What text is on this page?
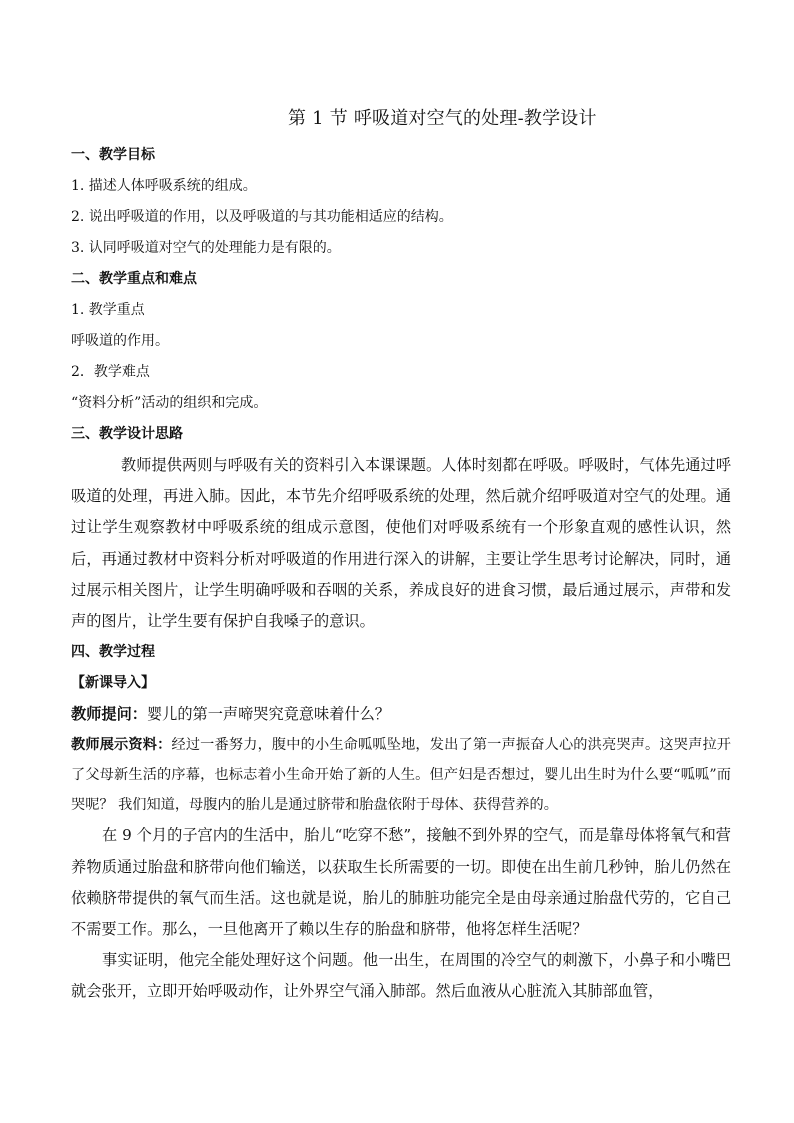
第 1 节 呼吸道对空气的处理-教学设计
一、教学目标
1. 描述人体呼吸系统的组成。
2. 说出呼吸道的作用，以及呼吸道的与其功能相适应的结构。
3. 认同呼吸道对空气的处理能力是有限的。
二、教学重点和难点
1. 教学重点
呼吸道的作用。
2．教学难点
“资料分析”活动的组织和完成。
三、教学设计思路

教师提供两则与呼吸有关的资料引入本课课题。人体时刻都在呼吸。呼吸时，气体先通过呼吸道的处理，再进入肺。因此，本节先介绍呼吸系统的处理，然后就介绍呼吸道对空气的处理。通过让学生观察教材中呼吸系统的组成示意图，使他们对呼吸系统有一个形象直观的感性认识，然后，再通过教材中资料分析对呼吸道的作用进行深入的讲解，主要让学生思考讨论解决，同时，通过展示相关图片，让学生明确呼吸和吞咽的关系，养成良好的进食习惯，最后通过展示，声带和发声的图片，让学生要有保护自我嗓子的意识。

四、教学过程
【新课导入】

教师提问：婴儿的第一声啼哭究竟意味着什么？

教师展示资料：经过一番努力，腹中的小生命呱呱坠地，发出了第一声振奋人心的洪亮哭声。这哭声拉开了父母新生活的序幕，也标志着小生命开始了新的人生。但产妇是否想过，婴儿出生时为什么要“呱呱”而哭呢？ 我们知道，母腹内的胎儿是通过脐带和胎盘依附于母体、获得营养的。

在 9 个月的子宫内的生活中，胎儿“吃穿不愁”，接触不到外界的空气，而是靠母体将氧气和营养物质通过胎盘和脐带向他们输送，以获取生长所需要的一切。即使在出生前几秒钟，胎儿仍然在依赖脐带提供的氧气而生活。这也就是说，胎儿的肺脏功能完全是由母亲通过胎盘代劳的，它自己不需要工作。那么，一旦他离开了赖以生存的胎盘和脐带，他将怎样生活呢？

事实证明，他完全能处理好这个问题。他一出生，在周围的冷空气的刺激下，小鼻子和小嘴巴就会张开，立即开始呼吸动作，让外界空气涌入肺部。然后血液从心脏流入其肺部血管，
